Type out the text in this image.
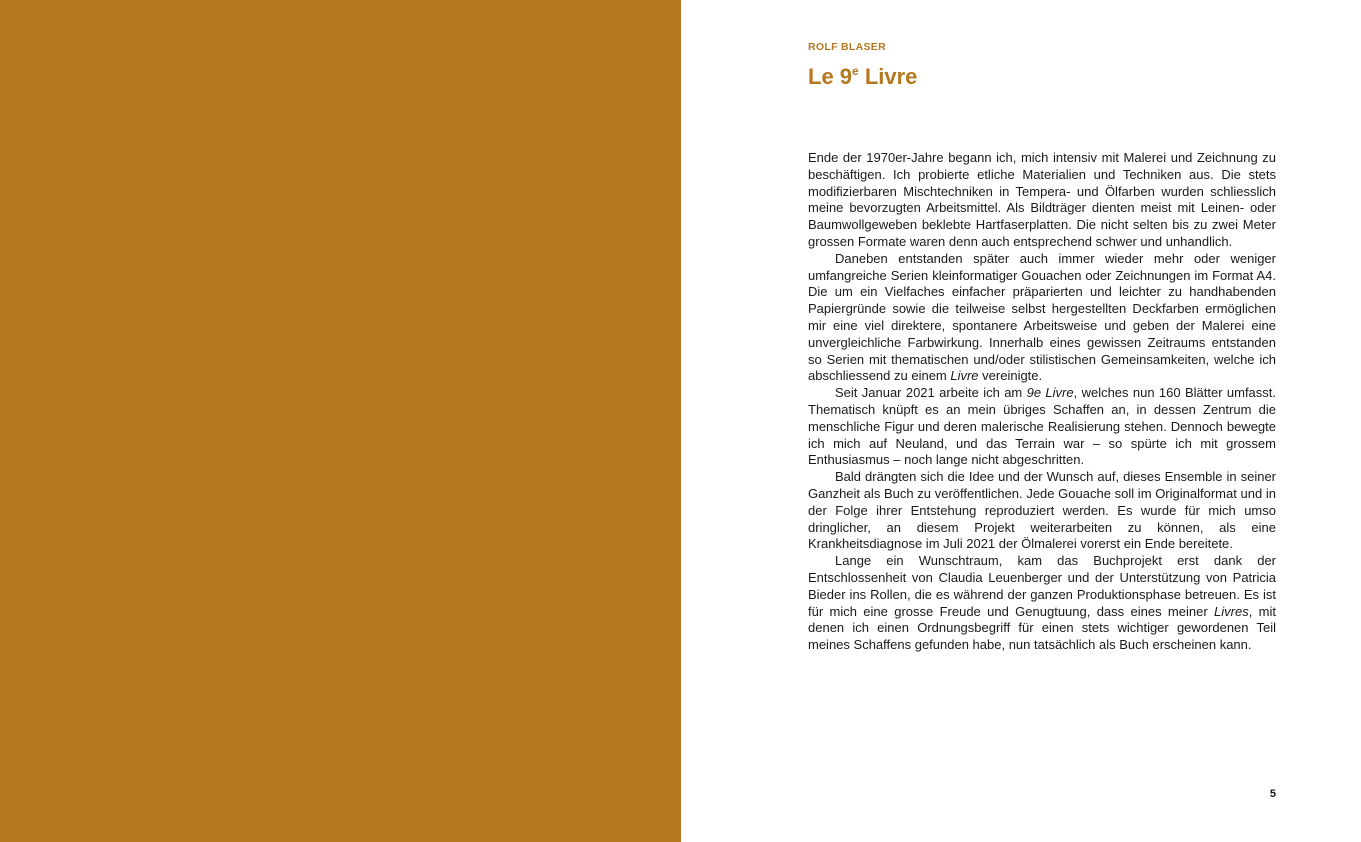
ROLF BLASER
Le 9e Livre

Ende der 1970er-Jahre begann ich, mich intensiv mit Malerei und Zeichnung zu beschäftigen. Ich probierte etliche Materialien und Techniken aus. Die stets modifizierbaren Mischtechniken in Tempera- und Ölfarben wurden schliesslich meine bevorzugten Arbeitsmittel. Als Bildträger dienten meist mit Leinen- oder Baumwollgeweben beklebte Hartfaserplatten. Die nicht selten bis zu zwei Meter grossen Formate waren denn auch entsprechend schwer und unhandlich.

Daneben entstanden später auch immer wieder mehr oder weniger umfangreiche Serien kleinformatiger Gouachen oder Zeichnungen im Format A4. Die um ein Vielfaches einfacher präparierten und leichter zu handhabenden Papiergründe sowie die teilweise selbst hergestellten Deckfarben ermöglichen mir eine viel direktere, spontanere Arbeitsweise und geben der Malerei eine unvergleichliche Farbwirkung. Innerhalb eines gewissen Zeitraums entstanden so Serien mit thematischen und/oder stilistischen Gemeinsamkeiten, welche ich abschliessend zu einem Livre vereinigte.

Seit Januar 2021 arbeite ich am 9e Livre, welches nun 160 Blätter umfasst. Thematisch knüpft es an mein übriges Schaffen an, in dessen Zentrum die menschliche Figur und deren malerische Realisierung stehen. Dennoch bewegte ich mich auf Neuland, und das Terrain war – so spürte ich mit grossem Enthusiasmus – noch lange nicht abgeschritten.

Bald drängten sich die Idee und der Wunsch auf, dieses Ensemble in seiner Ganzheit als Buch zu veröffentlichen. Jede Gouache soll im Originalformat und in der Folge ihrer Entstehung reproduziert werden. Es wurde für mich umso dringlicher, an diesem Projekt weiterarbeiten zu können, als eine Krankheitsdiagnose im Juli 2021 der Ölmalerei vorerst ein Ende bereitete.

Lange ein Wunschtraum, kam das Buchprojekt erst dank der Entschlossenheit von Claudia Leuenberger und der Unterstützung von Patricia Bieder ins Rollen, die es während der ganzen Produktionsphase betreuen. Es ist für mich eine grosse Freude und Genugtuung, dass eines meiner Livres, mit denen ich einen Ordnungsbegriff für einen stets wichtiger gewordenen Teil meines Schaffens gefunden habe, nun tatsächlich als Buch erscheinen kann.

5
